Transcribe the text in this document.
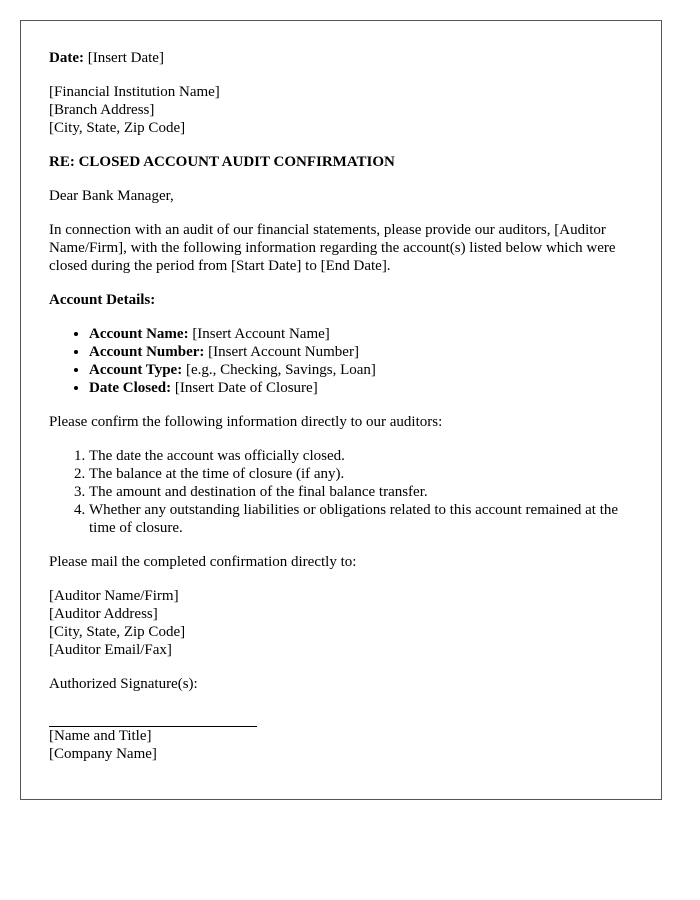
Date: [Insert Date]

[Financial Institution Name]
[Branch Address]
[City, State, Zip Code]

RE: CLOSED ACCOUNT AUDIT CONFIRMATION

Dear Bank Manager,

In connection with an audit of our financial statements, please provide our auditors, [Auditor Name/Firm], with the following information regarding the account(s) listed below which were closed during the period from [Start Date] to [End Date].

Account Details:

• Account Name: [Insert Account Name]
• Account Number: [Insert Account Number]
• Account Type: [e.g., Checking, Savings, Loan]
• Date Closed: [Insert Date of Closure]

Please confirm the following information directly to our auditors:

1. The date the account was officially closed.
2. The balance at the time of closure (if any).
3. The amount and destination of the final balance transfer.
4. Whether any outstanding liabilities or obligations related to this account remained at the time of closure.

Please mail the completed confirmation directly to:

[Auditor Name/Firm]
[Auditor Address]
[City, State, Zip Code]
[Auditor Email/Fax]

Authorized Signature(s):

[Name and Title]
[Company Name]
